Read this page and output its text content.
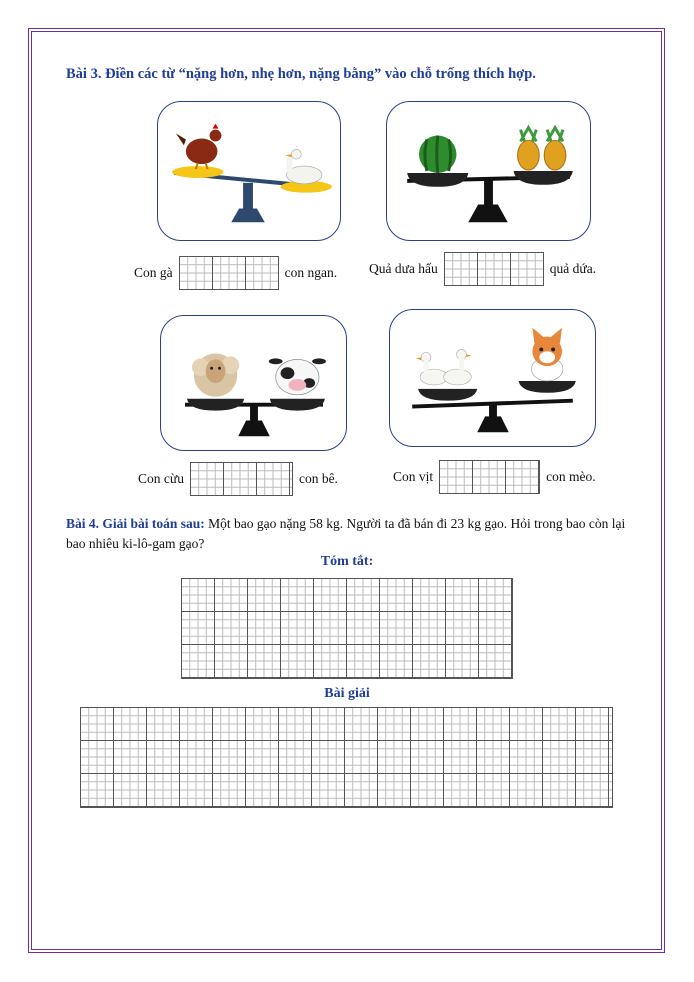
Bài 3. Điền các từ “nặng hơn, nhẹ hơn, nặng bằng” vào chỗ trống thích hợp.
Con gà	con ngan. Quả dưa hấu	quả dứa.
Con cừu	con bê.	Con vịt	con mèo.
Bài 4. Giải bài toán sau: Một bao gạo nặng 58 kg. Người ta đã bán đi 23 kg gạo. Hỏi trong bao còn lại bao nhiêu ki-lô-gam gạo?
Tóm tắt:
Bài giải
